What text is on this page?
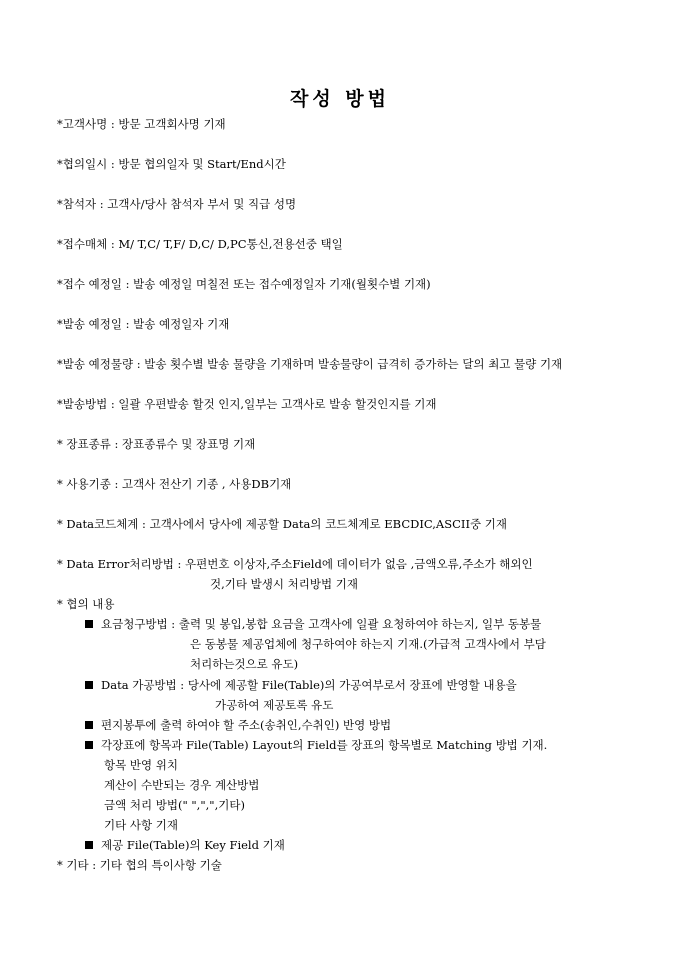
작성 방법
*고객사명 : 방문 고객회사명 기재
*협의일시 : 방문 협의일자 및 Start/End시간
*참석자 : 고객사/당사 참석자 부서 및 직급 성명
*접수매체 : M/ T,C/ T,F/ D,C/ D,PC통신,전용선중 택일
*접수 예정일 : 발송 예정일 며칠전 또는 접수예정일자 기재(월횟수별 기재)
*발송 예정일 : 발송 예정일자 기재
*발송 예정물량 : 발송 횟수별 발송 물량을 기재하며 발송물량이 급격히 증가하는 달의 최고 물량 기재
*발송방법 : 일괄 우편발송 할것 인지,일부는 고객사로 발송 할것인지를 기재
* 장표종류 : 장표종류수 및 장표명 기재
* 사용기종 : 고객사 전산기 기종 , 사용DB기재
* Data코드체계 : 고객사에서 당사에 제공할 Data의 코드체계로 EBCDIC,ASCII중 기재
* Data Error처리방법 : 우편번호 이상자,주소Field에 데이터가 없음 ,금액오류,주소가 해외인
것,기타 발생시 처리방법 기재
* 협의 내용
요금청구방법 : 출력 및 봉입,봉합 요금을 고객사에 일괄 요청하여야 하는지, 일부 동봉물
은 동봉물 제공업체에 청구하여야 하는지 기재.(가급적 고객사에서 부담
처리하는것으로 유도)
Data 가공방법 : 당사에 제공할 File(Table)의 가공여부로서 장표에 반영할 내용을
가공하여 제공토록 유도
편지봉투에 출력 하여야 할 주소(송취인,수취인) 반영 방법
각장표에 항목과 File(Table) Layout의 Field를 장표의 항목별로 Matching 방법 기재.
항목 반영 위치
계산이 수반되는 경우 계산방법
금액 처리 방법(" ",",",기타)
기타 사항 기재
제공 File(Table)의 Key Field 기재
* 기타 : 기타 협의 특이사항 기술
